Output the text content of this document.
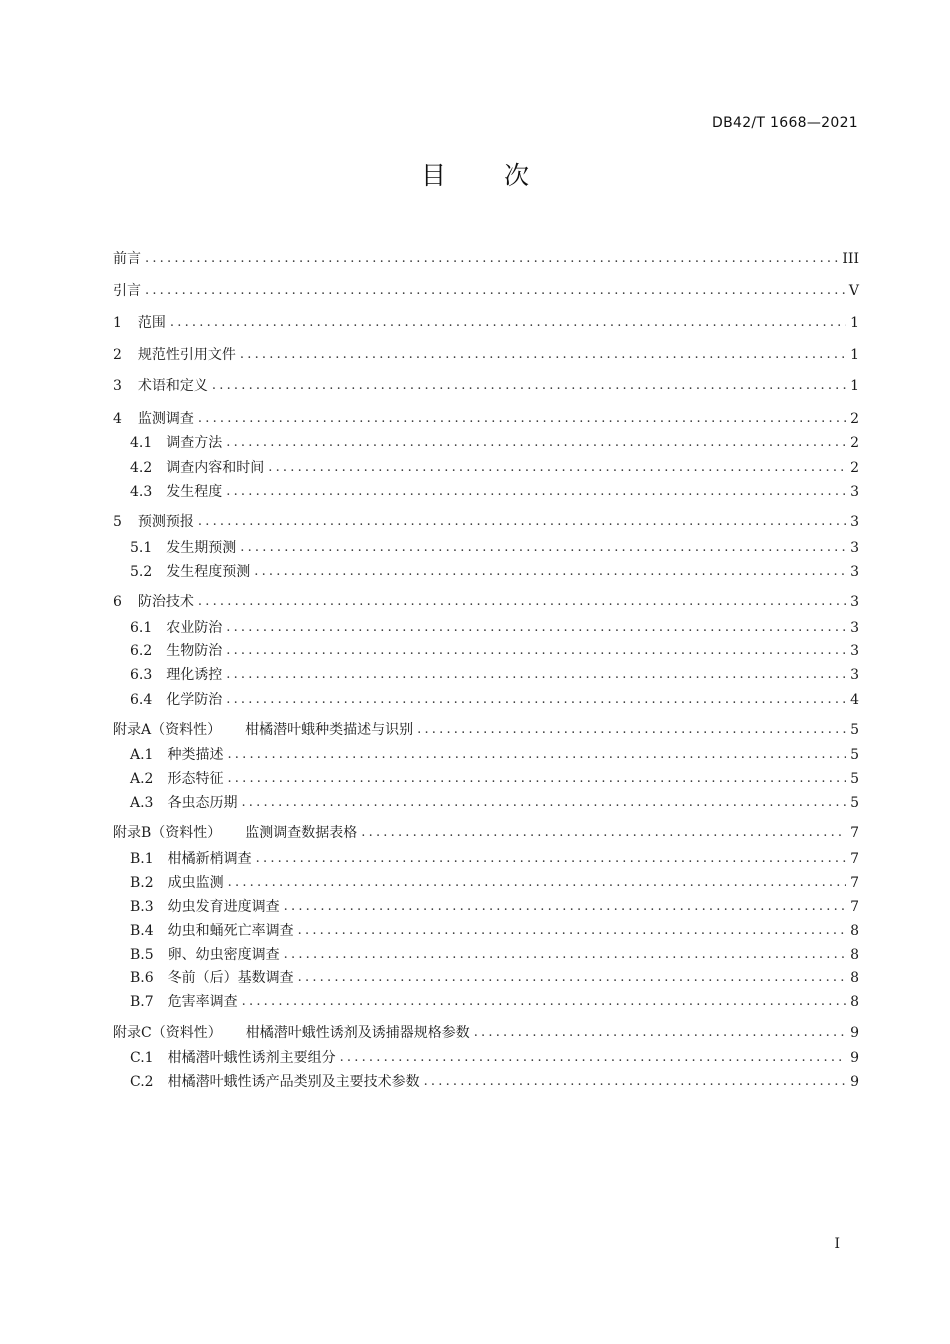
DB42/T 1668—2021
目次
前言 .....	III
引言 .....	V
1 范围 .....	1
2 规范性引用文件 .....	1
3 术语和定义 .....	1
4 监测调查 .....	2
4.1 调查方法 .....	2
4.2 调查内容和时间 .....	2
4.3 发生程度 .....	3
5 预测预报 .....	3
5.1 发生期预测 .....	3
5.2 发生程度预测 .....	3
6 防治技术 .....	3
6.1 农业防治 .....	3
6.2 生物防治 .....	3
6.3 理化诱控 .....	3
6.4 化学防治 .....	4
附录A（资料性） 柑橘潜叶蛾种类描述与识别 .....	5
A.1 种类描述 .....	5
A.2 形态特征 .....	5
A.3 各虫态历期 .....	5
附录B（资料性） 监测调查数据表格 .....	7
B.1 柑橘新梢调查 .....	7
B.2 成虫监测 .....	7
B.3 幼虫发育进度调查 .....	7
B.4 幼虫和蛹死亡率调查 .....	8
B.5 卵、幼虫密度调查 .....	8
B.6 冬前（后）基数调查 .....	8
B.7 危害率调查 .....	8
附录C（资料性） 柑橘潜叶蛾性诱剂及诱捕器规格参数 .....	9
C.1 柑橘潜叶蛾性诱剂主要组分 .....	9
C.2 柑橘潜叶蛾性诱产品类别及主要技术参数 .....	9
I
